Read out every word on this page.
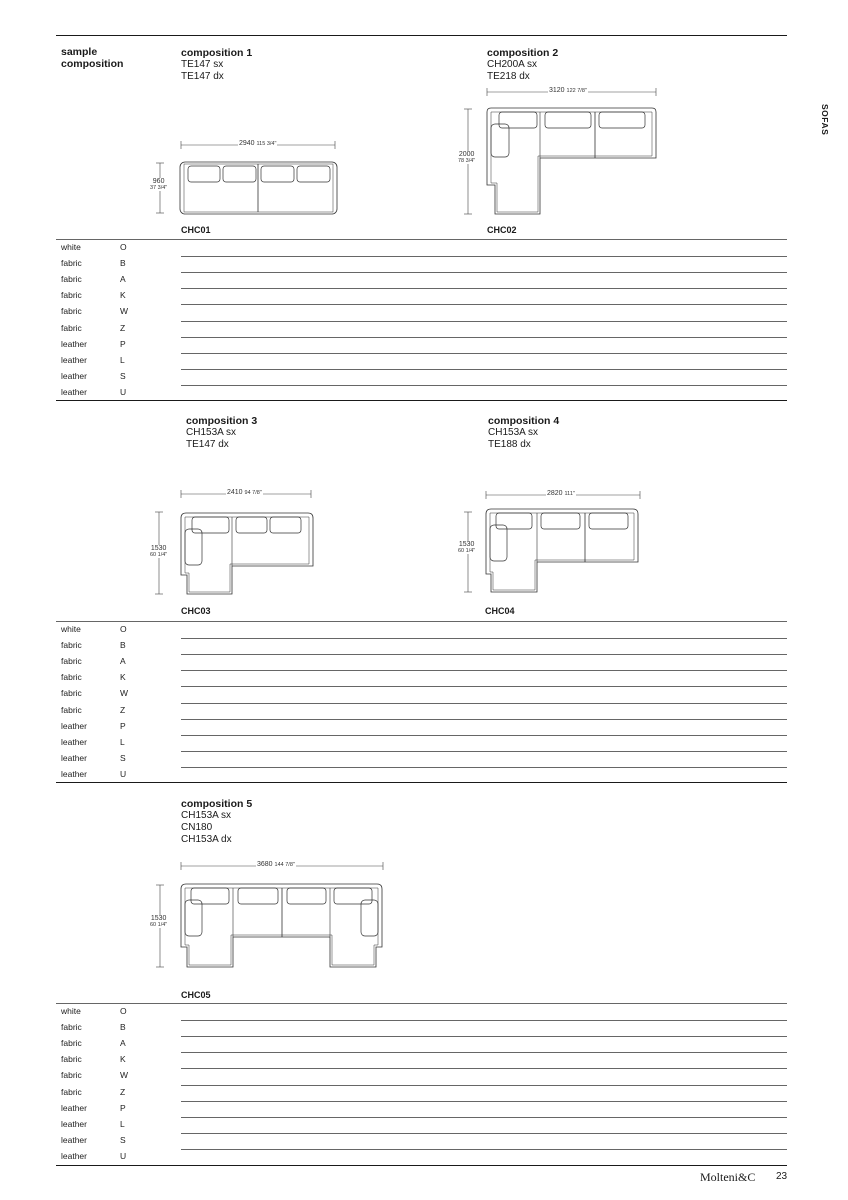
SOFAS
sample
composition
composition 1
TE147 sx
TE147 dx
2940 115 3/4"
960
37 3/4"
CHC01
composition 2
CH200A sx
TE218 dx
3120 122 7/8"
2000
78 3/4"
CHC02
white	O
fabric	B
fabric	A
fabric	K
fabric	W
fabric	Z
leather	P
leather	L
leather	S
leather	U
composition 3
CH153A sx
TE147 dx
2410 94 7/8"
1530
60 1/4"
CHC03
composition 4
CH153A sx
TE188 dx
2820 111"
1530
60 1/4"
CHC04
white	O
fabric	B
fabric	A
fabric	K
fabric	W
fabric	Z
leather	P
leather	L
leather	S
leather	U
composition 5
CH153A sx
CN180
CH153A dx
3680 144 7/8"
1530
60 1/4"
CHC05
white	O
fabric	B
fabric	A
fabric	K
fabric	W
fabric	Z
leather	P
leather	L
leather	S
leather	U
Molteni&C 23
